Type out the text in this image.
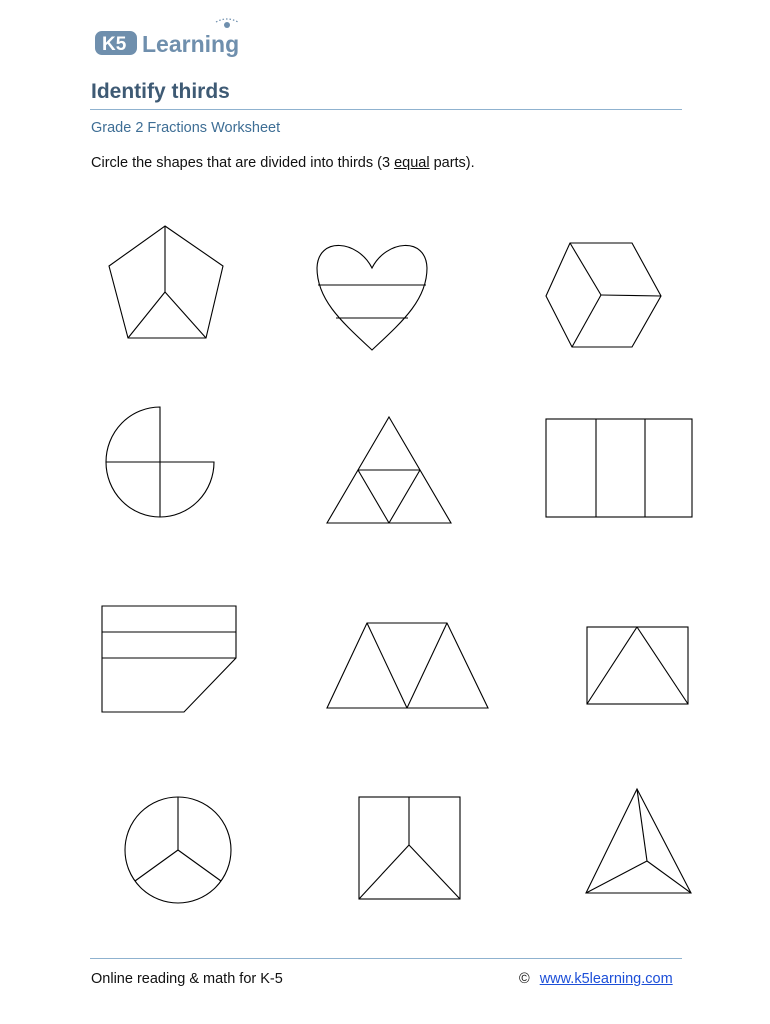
K5 Learning
Identify thirds
Grade 2 Fractions Worksheet
Circle the shapes that are divided into thirds (3 equal parts).
Online reading & math for K-5	© www.k5learning.com
